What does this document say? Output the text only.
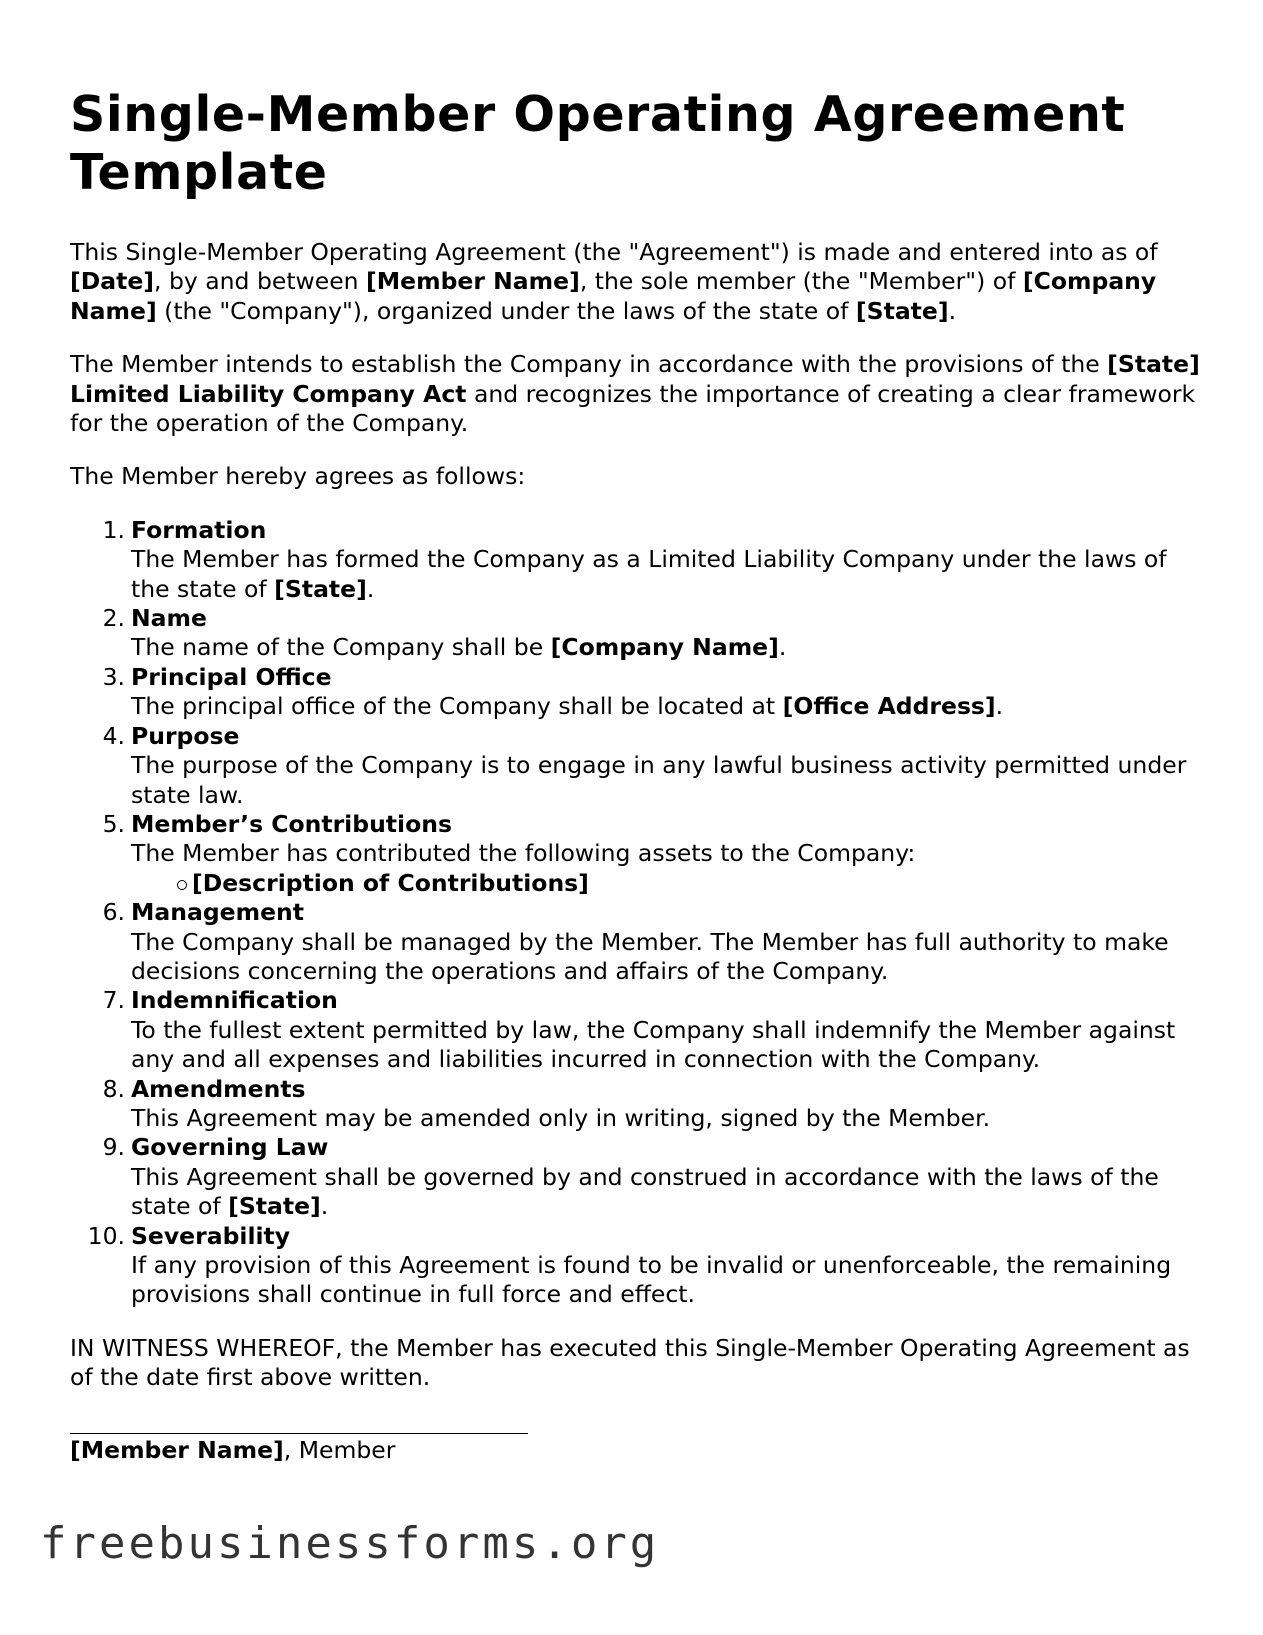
Single-Member Operating Agreement Template

This Single-Member Operating Agreement (the "Agreement") is made and entered into as of [Date], by and between [Member Name], the sole member (the "Member") of [Company Name] (the "Company"), organized under the laws of the state of [State].

The Member intends to establish the Company in accordance with the provisions of the [State] Limited Liability Company Act and recognizes the importance of creating a clear framework for the operation of the Company.

The Member hereby agrees as follows:

1. Formation
The Member has formed the Company as a Limited Liability Company under the laws of the state of [State].
2. Name
The name of the Company shall be [Company Name].
3. Principal Office
The principal office of the Company shall be located at [Office Address].
4. Purpose
The purpose of the Company is to engage in any lawful business activity permitted under state law.
5. Member’s Contributions
The Member has contributed the following assets to the Company:
[Description of Contributions]
6. Management
The Company shall be managed by the Member. The Member has full authority to make decisions concerning the operations and affairs of the Company.
7. Indemnification
To the fullest extent permitted by law, the Company shall indemnify the Member against any and all expenses and liabilities incurred in connection with the Company.
8. Amendments
This Agreement may be amended only in writing, signed by the Member.
9. Governing Law
This Agreement shall be governed by and construed in accordance with the laws of the state of [State].
10. Severability
If any provision of this Agreement is found to be invalid or unenforceable, the remaining provisions shall continue in full force and effect.

IN WITNESS WHEREOF, the Member has executed this Single-Member Operating Agreement as of the date first above written.

[Member Name], Member
freebusinessforms.org
